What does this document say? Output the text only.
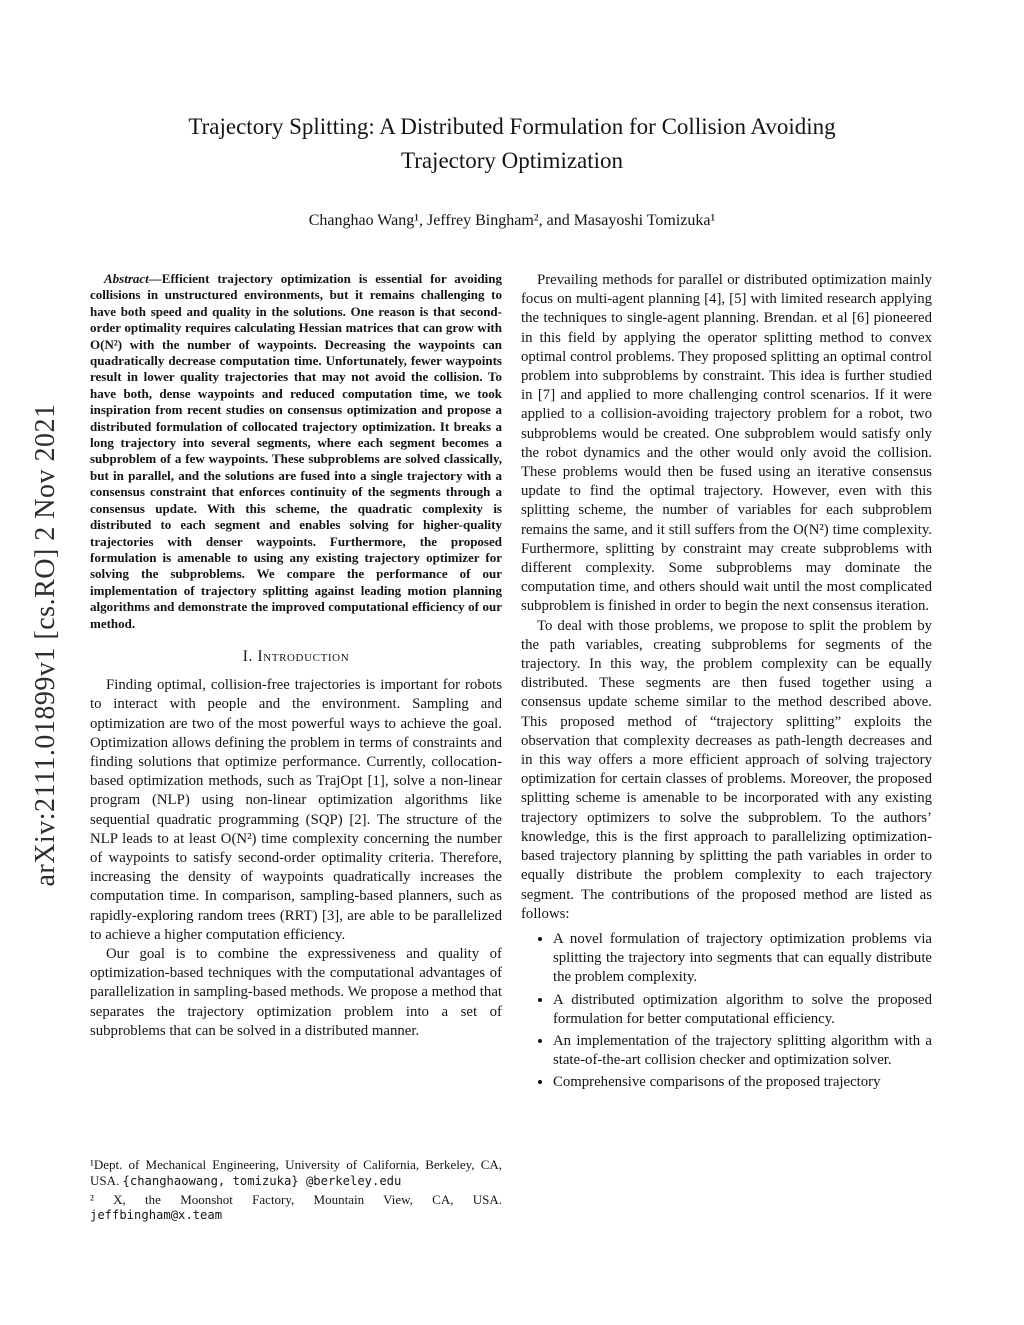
arXiv:2111.01899v1 [cs.RO] 2 Nov 2021
Trajectory Splitting: A Distributed Formulation for Collision Avoiding
Trajectory Optimization
Changhao Wang¹, Jeffrey Bingham², and Masayoshi Tomizuka¹

Abstract—Efficient trajectory optimization is essential for avoiding collisions in unstructured environments, but it remains challenging to have both speed and quality in the solutions. One reason is that second-order optimality requires calculating Hessian matrices that can grow with O(N²) with the number of waypoints. Decreasing the waypoints can quadratically decrease computation time. Unfortunately, fewer waypoints result in lower quality trajectories that may not avoid the collision. To have both, dense waypoints and reduced computation time, we took inspiration from recent studies on consensus optimization and propose a distributed formulation of collocated trajectory optimization. It breaks a long trajectory into several segments, where each segment becomes a subproblem of a few waypoints. These subproblems are solved classically, but in parallel, and the solutions are fused into a single trajectory with a consensus constraint that enforces continuity of the segments through a consensus update. With this scheme, the quadratic complexity is distributed to each segment and enables solving for higher-quality trajectories with denser waypoints. Furthermore, the proposed formulation is amenable to using any existing trajectory optimizer for solving the subproblems. We compare the performance of our implementation of trajectory splitting against leading motion planning algorithms and demonstrate the improved computational efficiency of our method.

I. Introduction

Finding optimal, collision-free trajectories is important for robots to interact with people and the environment. Sampling and optimization are two of the most powerful ways to achieve the goal. Optimization allows defining the problem in terms of constraints and finding solutions that optimize performance. Currently, collocation-based optimization methods, such as TrajOpt [1], solve a non-linear program (NLP) using non-linear optimization algorithms like sequential quadratic programming (SQP) [2]. The structure of the NLP leads to at least O(N²) time complexity concerning the number of waypoints to satisfy second-order optimality criteria. Therefore, increasing the density of waypoints quadratically increases the computation time. In comparison, sampling-based planners, such as rapidly-exploring random trees (RRT) [3], are able to be parallelized to achieve a higher computation efficiency.

Our goal is to combine the expressiveness and quality of optimization-based techniques with the computational advantages of parallelization in sampling-based methods. We propose a method that separates the trajectory optimization problem into a set of subproblems that can be solved in a distributed manner.

Prevailing methods for parallel or distributed optimization mainly focus on multi-agent planning [4], [5] with limited research applying the techniques to single-agent planning. Brendan. et al [6] pioneered in this field by applying the operator splitting method to convex optimal control problems. They proposed splitting an optimal control problem into subproblems by constraint. This idea is further studied in [7] and applied to more challenging control scenarios. If it were applied to a collision-avoiding trajectory problem for a robot, two subproblems would be created. One subproblem would satisfy only the robot dynamics and the other would only avoid the collision. These problems would then be fused using an iterative consensus update to find the optimal trajectory. However, even with this splitting scheme, the number of variables for each subproblem remains the same, and it still suffers from the O(N²) time complexity. Furthermore, splitting by constraint may create subproblems with different complexity. Some subproblems may dominate the computation time, and others should wait until the most complicated subproblem is finished in order to begin the next consensus iteration.

To deal with those problems, we propose to split the problem by the path variables, creating subproblems for segments of the trajectory. In this way, the problem complexity can be equally distributed. These segments are then fused together using a consensus update scheme similar to the method described above. This proposed method of “trajectory splitting” exploits the observation that complexity decreases as path-length decreases and in this way offers a more efficient approach of solving trajectory optimization for certain classes of problems. Moreover, the proposed splitting scheme is amenable to be incorporated with any existing trajectory optimizers to solve the subproblem. To the authors’ knowledge, this is the first approach to parallelizing optimization-based trajectory planning by splitting the path variables in order to equally distribute the problem complexity to each trajectory segment. The contributions of the proposed method are listed as follows:

• A novel formulation of trajectory optimization problems via splitting the trajectory into segments that can equally distribute the problem complexity.
• A distributed optimization algorithm to solve the proposed formulation for better computational efficiency.
• An implementation of the trajectory splitting algorithm with a state-of-the-art collision checker and optimization solver.
• Comprehensive comparisons of the proposed trajectory

¹Dept. of Mechanical Engineering, University of California, Berkeley, CA, USA. {changhaowang, tomizuka} @berkeley.edu

² X, the Moonshot Factory, Mountain View, CA, USA. jeffbingham@x.team
